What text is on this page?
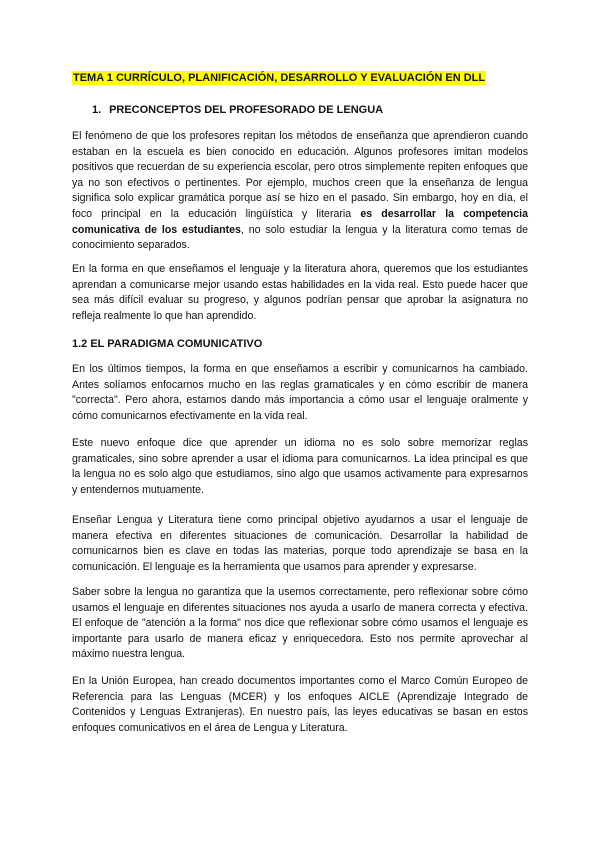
TEMA 1 CURRÍCULO, PLANIFICACIÓN, DESARROLLO Y EVALUACIÓN EN DLL
1. PRECONCEPTOS DEL PROFESORADO DE LENGUA

El fenómeno de que los profesores repitan los métodos de enseñanza que aprendieron cuando estaban en la escuela es bien conocido en educación. Algunos profesores imitan modelos positivos que recuerdan de su experiencia escolar, pero otros simplemente repiten enfoques que ya no son efectivos o pertinentes. Por ejemplo, muchos creen que la enseñanza de lengua significa solo explicar gramática porque así se hizo en el pasado. Sin embargo, hoy en día, el foco principal en la educación lingüística y literaria es desarrollar la competencia comunicativa de los estudiantes, no solo estudiar la lengua y la literatura como temas de conocimiento separados.

En la forma en que enseñamos el lenguaje y la literatura ahora, queremos que los estudiantes aprendan a comunicarse mejor usando estas habilidades en la vida real. Esto puede hacer que sea más difícil evaluar su progreso, y algunos podrían pensar que aprobar la asignatura no refleja realmente lo que han aprendido.

1.2 EL PARADIGMA COMUNICATIVO

En los últimos tiempos, la forma en que enseñamos a escribir y comunicarnos ha cambiado. Antes solíamos enfocarnos mucho en las reglas gramaticales y en cómo escribir de manera "correcta". Pero ahora, estamos dando más importancia a cómo usar el lenguaje oralmente y cómo comunicarnos efectivamente en la vida real.

Este nuevo enfoque dice que aprender un idioma no es solo sobre memorizar reglas gramaticales, sino sobre aprender a usar el idioma para comunicarnos. La idea principal es que la lengua no es solo algo que estudiamos, sino algo que usamos activamente para expresarnos y entendernos mutuamente.

Enseñar Lengua y Literatura tiene como principal objetivo ayudarnos a usar el lenguaje de manera efectiva en diferentes situaciones de comunicación. Desarrollar la habilidad de comunicarnos bien es clave en todas las materias, porque todo aprendizaje se basa en la comunicación. El lenguaje es la herramienta que usamos para aprender y expresarse.

Saber sobre la lengua no garantiza que la usemos correctamente, pero reflexionar sobre cómo usamos el lenguaje en diferentes situaciones nos ayuda a usarlo de manera correcta y efectiva. El enfoque de "atención a la forma" nos dice que reflexionar sobre cómo usamos el lenguaje es importante para usarlo de manera eficaz y enriquecedora. Esto nos permite aprovechar al máximo nuestra lengua.

En la Unión Europea, han creado documentos importantes como el Marco Común Europeo de Referencia para las Lenguas (MCER) y los enfoques AICLE (Aprendizaje Integrado de Contenidos y Lenguas Extranjeras). En nuestro país, las leyes educativas se basan en estos enfoques comunicativos en el área de Lengua y Literatura.
